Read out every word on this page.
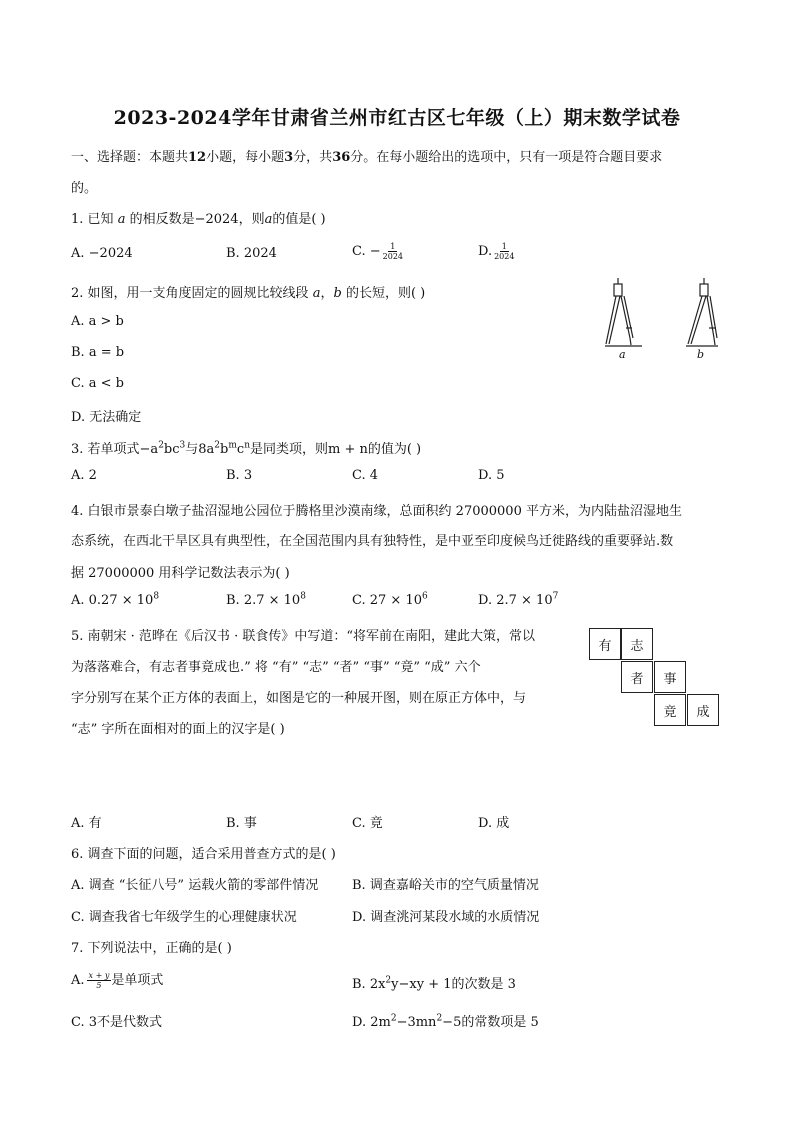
2023-2024学年甘肃省兰州市红古区七年级（上）期末数学试卷
一、选择题：本题共12小题，每小题3分，共36分。在每小题给出的选项中，只有一项是符合题目要求
的。
1. 已知 a 的相反数是−2024，则a的值是( )
A. −2024	B. 2024	C. − $\frac{1}{2024}$	D. $\frac{1}{2024}$
2. 如图，用一支角度固定的圆规比较线段 a，b 的长短，则( )
A. a > b
B. a = b
C. a < b
D. 无法确定
a	b
3. 若单项式$-a^2bc^3$与$8a^2b^mc^n$是同类项，则m + n的值为( )
A. 2	B. 3	C. 4	D. 5
4. 白银市景泰白墩子盐沼湿地公园位于腾格里沙漠南缘，总面积约 27000000 平方米，为内陆盐沼湿地生
态系统，在西北干旱区具有典型性，在全国范围内具有独特性，是中亚至印度候鸟迁徙路线的重要驿站.数
据 27000000 用科学记数法表示为( )
A. $0.27 \times 10^8$	B. $2.7 \times 10^8$	C. $27 \times 10^6$	D. $2.7 \times 10^7$
5. 南朝宋 · 范晔在《后汉书 · 联食传》中写道：“将军前在南阳，建此大策，常以
为落落难合，有志者事竟成也.” 将 “有” “志” “者” “事” “竟” “成” 六个
字分别写在某个正方体的表面上，如图是它的一种展开图，则在原正方体中，与
“志” 字所在面相对的面上的汉字是( )
有	志
者	事
竟	成
A. 有	B. 事	C. 竟	D. 成
6. 调查下面的问题，适合采用普查方式的是( )
A. 调查 “长征八号” 运载火箭的零部件情况	B. 调查嘉峪关市的空气质量情况
C. 调查我省七年级学生的心理健康状况	D. 调查洮河某段水域的水质情况
7. 下列说法中，正确的是( )
A. $\frac{x + y}{5}$ 是单项式	B. $2x^2y-xy + 1$的次数是 3
C. 3不是代数式	D. $2m^2-3mn^2-5$的常数项是 5
